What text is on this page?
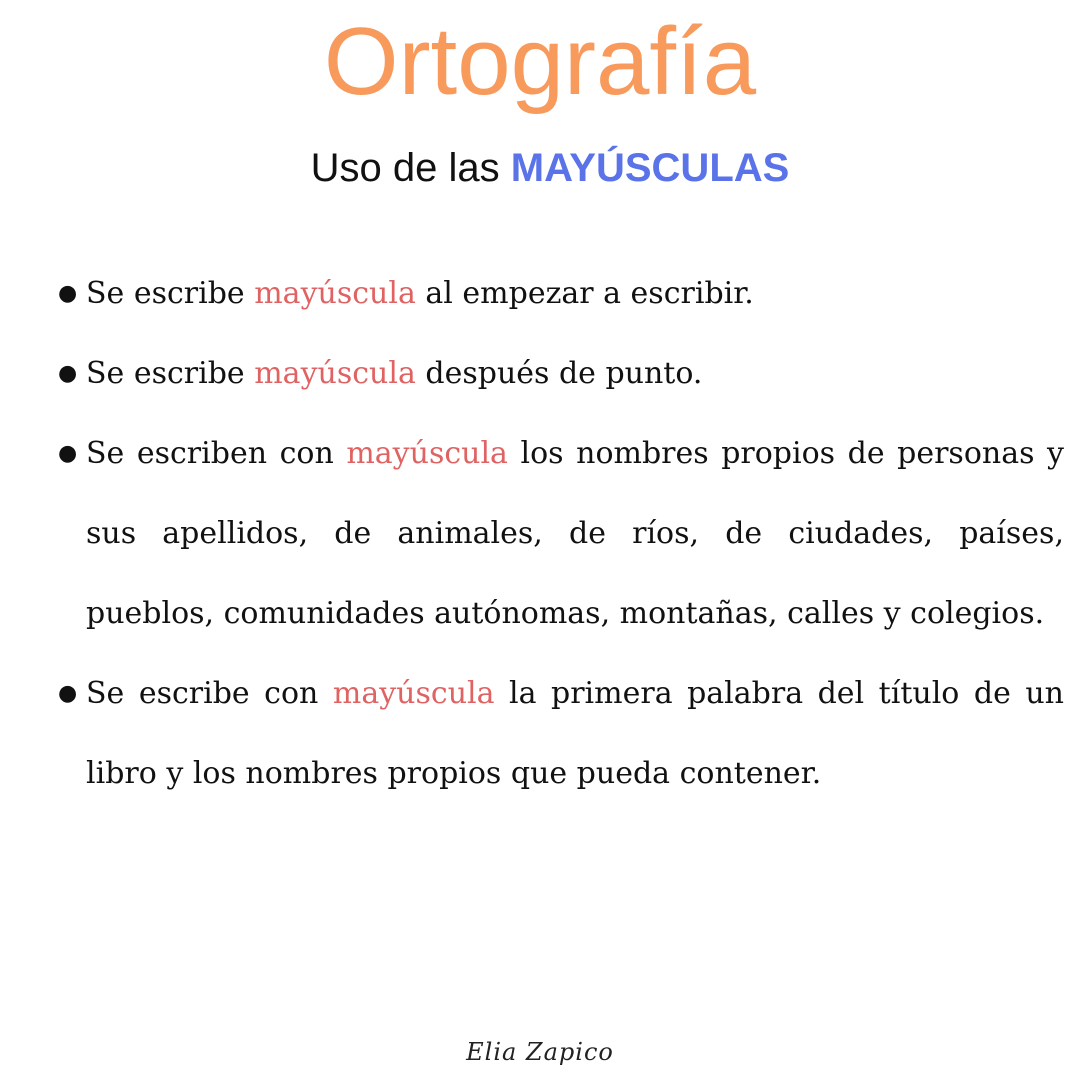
Ortografía
Uso de las MAYÚSCULAS
● Se escribe mayúscula al empezar a escribir.
● Se escribe mayúscula después de punto.
● Se escriben con mayúscula los nombres propios de personas y sus apellidos, de animales, de ríos, de ciudades, países, pueblos, comunidades autónomas, montañas, calles y colegios.
● Se escribe con mayúscula la primera palabra del título de un libro y los nombres propios que pueda contener.
Elia Zapico
